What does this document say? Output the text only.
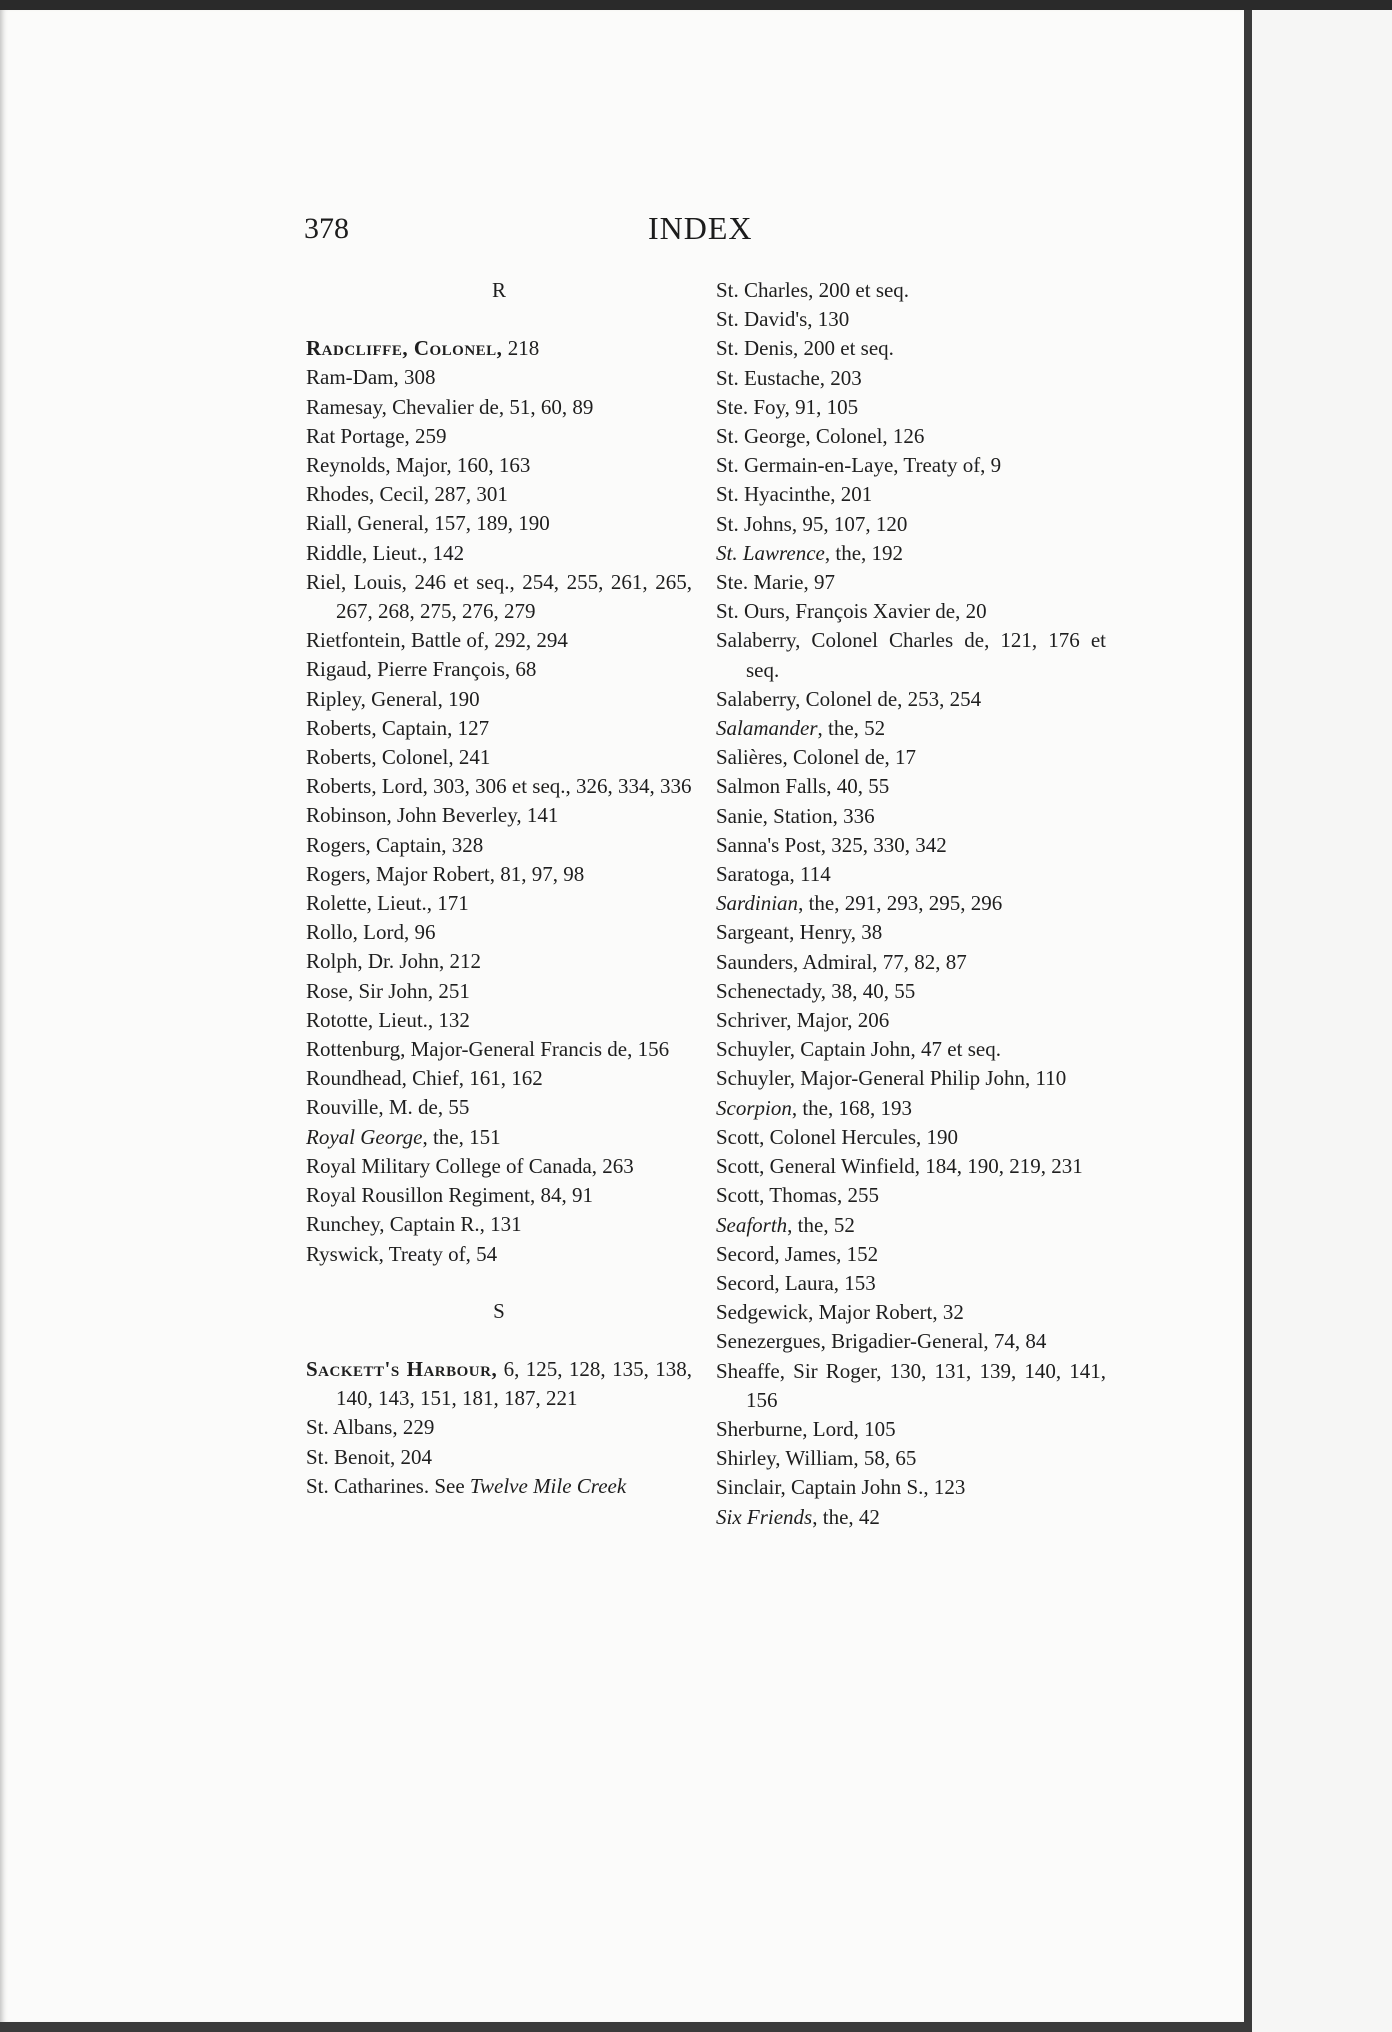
378	INDEX
R
Radcliffe, Colonel, 218
Ram-Dam, 308
Ramesay, Chevalier de, 51, 60, 89
Rat Portage, 259
Reynolds, Major, 160, 163
Rhodes, Cecil, 287, 301
Riall, General, 157, 189, 190
Riddle, Lieut., 142
Riel, Louis, 246 et seq., 254, 255, 261, 265, 267, 268, 275, 276, 279
Rietfontein, Battle of, 292, 294
Rigaud, Pierre François, 68
Ripley, General, 190
Roberts, Captain, 127
Roberts, Colonel, 241
Roberts, Lord, 303, 306 et seq., 326, 334, 336
Robinson, John Beverley, 141
Rogers, Captain, 328
Rogers, Major Robert, 81, 97, 98
Rolette, Lieut., 171
Rollo, Lord, 96
Rolph, Dr. John, 212
Rose, Sir John, 251
Rototte, Lieut., 132
Rottenburg, Major-General Francis de, 156
Roundhead, Chief, 161, 162
Rouville, M. de, 55
Royal George, the, 151
Royal Military College of Canada, 263
Royal Rousillon Regiment, 84, 91
Runchey, Captain R., 131
Ryswick, Treaty of, 54
S
Sackett's Harbour, 6, 125, 128, 135, 138, 140, 143, 151, 181, 187, 221
St. Albans, 229
St. Benoit, 204
St. Catharines. See Twelve Mile Creek
St. Charles, 200 et seq.
St. David's, 130
St. Denis, 200 et seq.
St. Eustache, 203
Ste. Foy, 91, 105
St. George, Colonel, 126
St. Germain-en-Laye, Treaty of, 9
St. Hyacinthe, 201
St. Johns, 95, 107, 120
St. Lawrence, the, 192
Ste. Marie, 97
St. Ours, François Xavier de, 20
Salaberry, Colonel Charles de, 121, 176 et seq.
Salaberry, Colonel de, 253, 254
Salamander, the, 52
Salières, Colonel de, 17
Salmon Falls, 40, 55
Sanie, Station, 336
Sanna's Post, 325, 330, 342
Saratoga, 114
Sardinian, the, 291, 293, 295, 296
Sargeant, Henry, 38
Saunders, Admiral, 77, 82, 87
Schenectady, 38, 40, 55
Schriver, Major, 206
Schuyler, Captain John, 47 et seq.
Schuyler, Major-General Philip John, 110
Scorpion, the, 168, 193
Scott, Colonel Hercules, 190
Scott, General Winfield, 184, 190, 219, 231
Scott, Thomas, 255
Seaforth, the, 52
Secord, James, 152
Secord, Laura, 153
Sedgewick, Major Robert, 32
Senezergues, Brigadier-General, 74, 84
Sheaffe, Sir Roger, 130, 131, 139, 140, 141, 156
Sherburne, Lord, 105
Shirley, William, 58, 65
Sinclair, Captain John S., 123
Six Friends, the, 42
